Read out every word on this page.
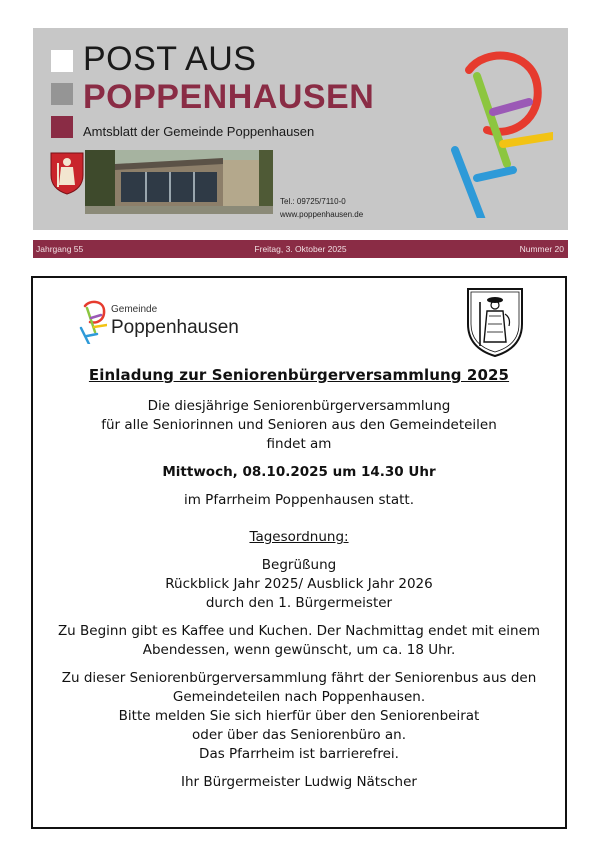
POST AUS
POPPENHAUSEN
Amtsblatt der Gemeinde Poppenhausen
Tel.: 09725/7110-0
www.poppenhausen.de
Freitag, 3. Oktober 2025
Jahrgang 55	Nummer 20
Gemeinde
Poppenhausen
Einladung zur Seniorenbürgerversammlung 2025
Die diesjährige Seniorenbürgerversammlung
für alle Seniorinnen und Senioren aus den Gemeindeteilen
findet am
Mittwoch, 08.10.2025 um 14.30 Uhr
im Pfarrheim Poppenhausen statt.
Tagesordnung:
Begrüßung
Rückblick Jahr 2025/ Ausblick Jahr 2026
durch den 1. Bürgermeister
Zu Beginn gibt es Kaffee und Kuchen. Der Nachmittag endet mit einem
Abendessen, wenn gewünscht, um ca. 18 Uhr.
Zu dieser Seniorenbürgerversammlung fährt der Seniorenbus aus den
Gemeindeteilen nach Poppenhausen.
Bitte melden Sie sich hierfür über den Seniorenbeirat
oder über das Seniorenbüro an.
Das Pfarrheim ist barrierefrei.
Ihr Bürgermeister Ludwig Nätscher
